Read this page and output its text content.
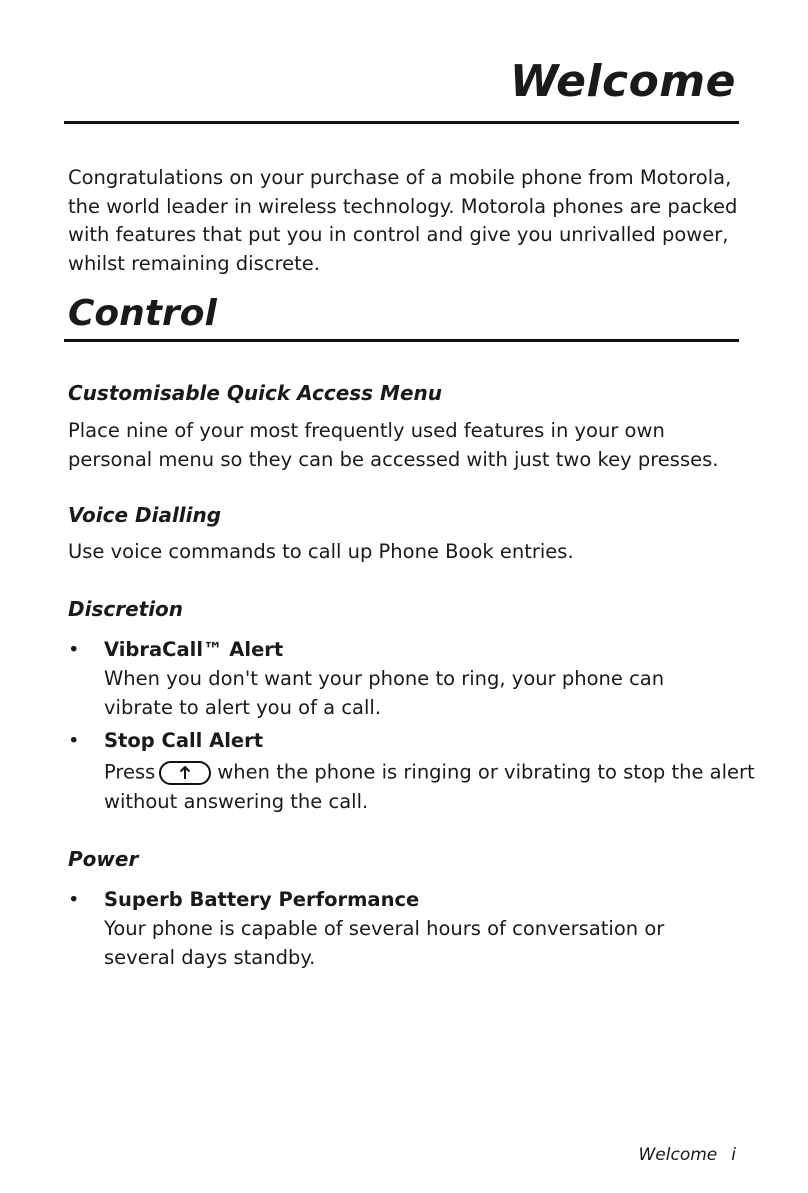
Welcome

Congratulations on your purchase of a mobile phone from Motorola, the world leader in wireless technology. Motorola phones are packed with features that put you in control and give you unrivalled power, whilst remaining discrete.

Control
Customisable Quick Access Menu

Place nine of your most frequently used features in your own personal menu so they can be accessed with just two key presses.

Voice Dialling

Use voice commands to call up Phone Book entries.

Discretion
• VibraCall™ Alert
When you don't want your phone to ring, your phone can vibrate to alert you of a call.
• Stop Call Alert
Press	when the phone is ringing or vibrating to stop the alert
without answering the call.
Power
• Superb Battery Performance
Your phone is capable of several hours of conversation or several days standby.
Welcome i
